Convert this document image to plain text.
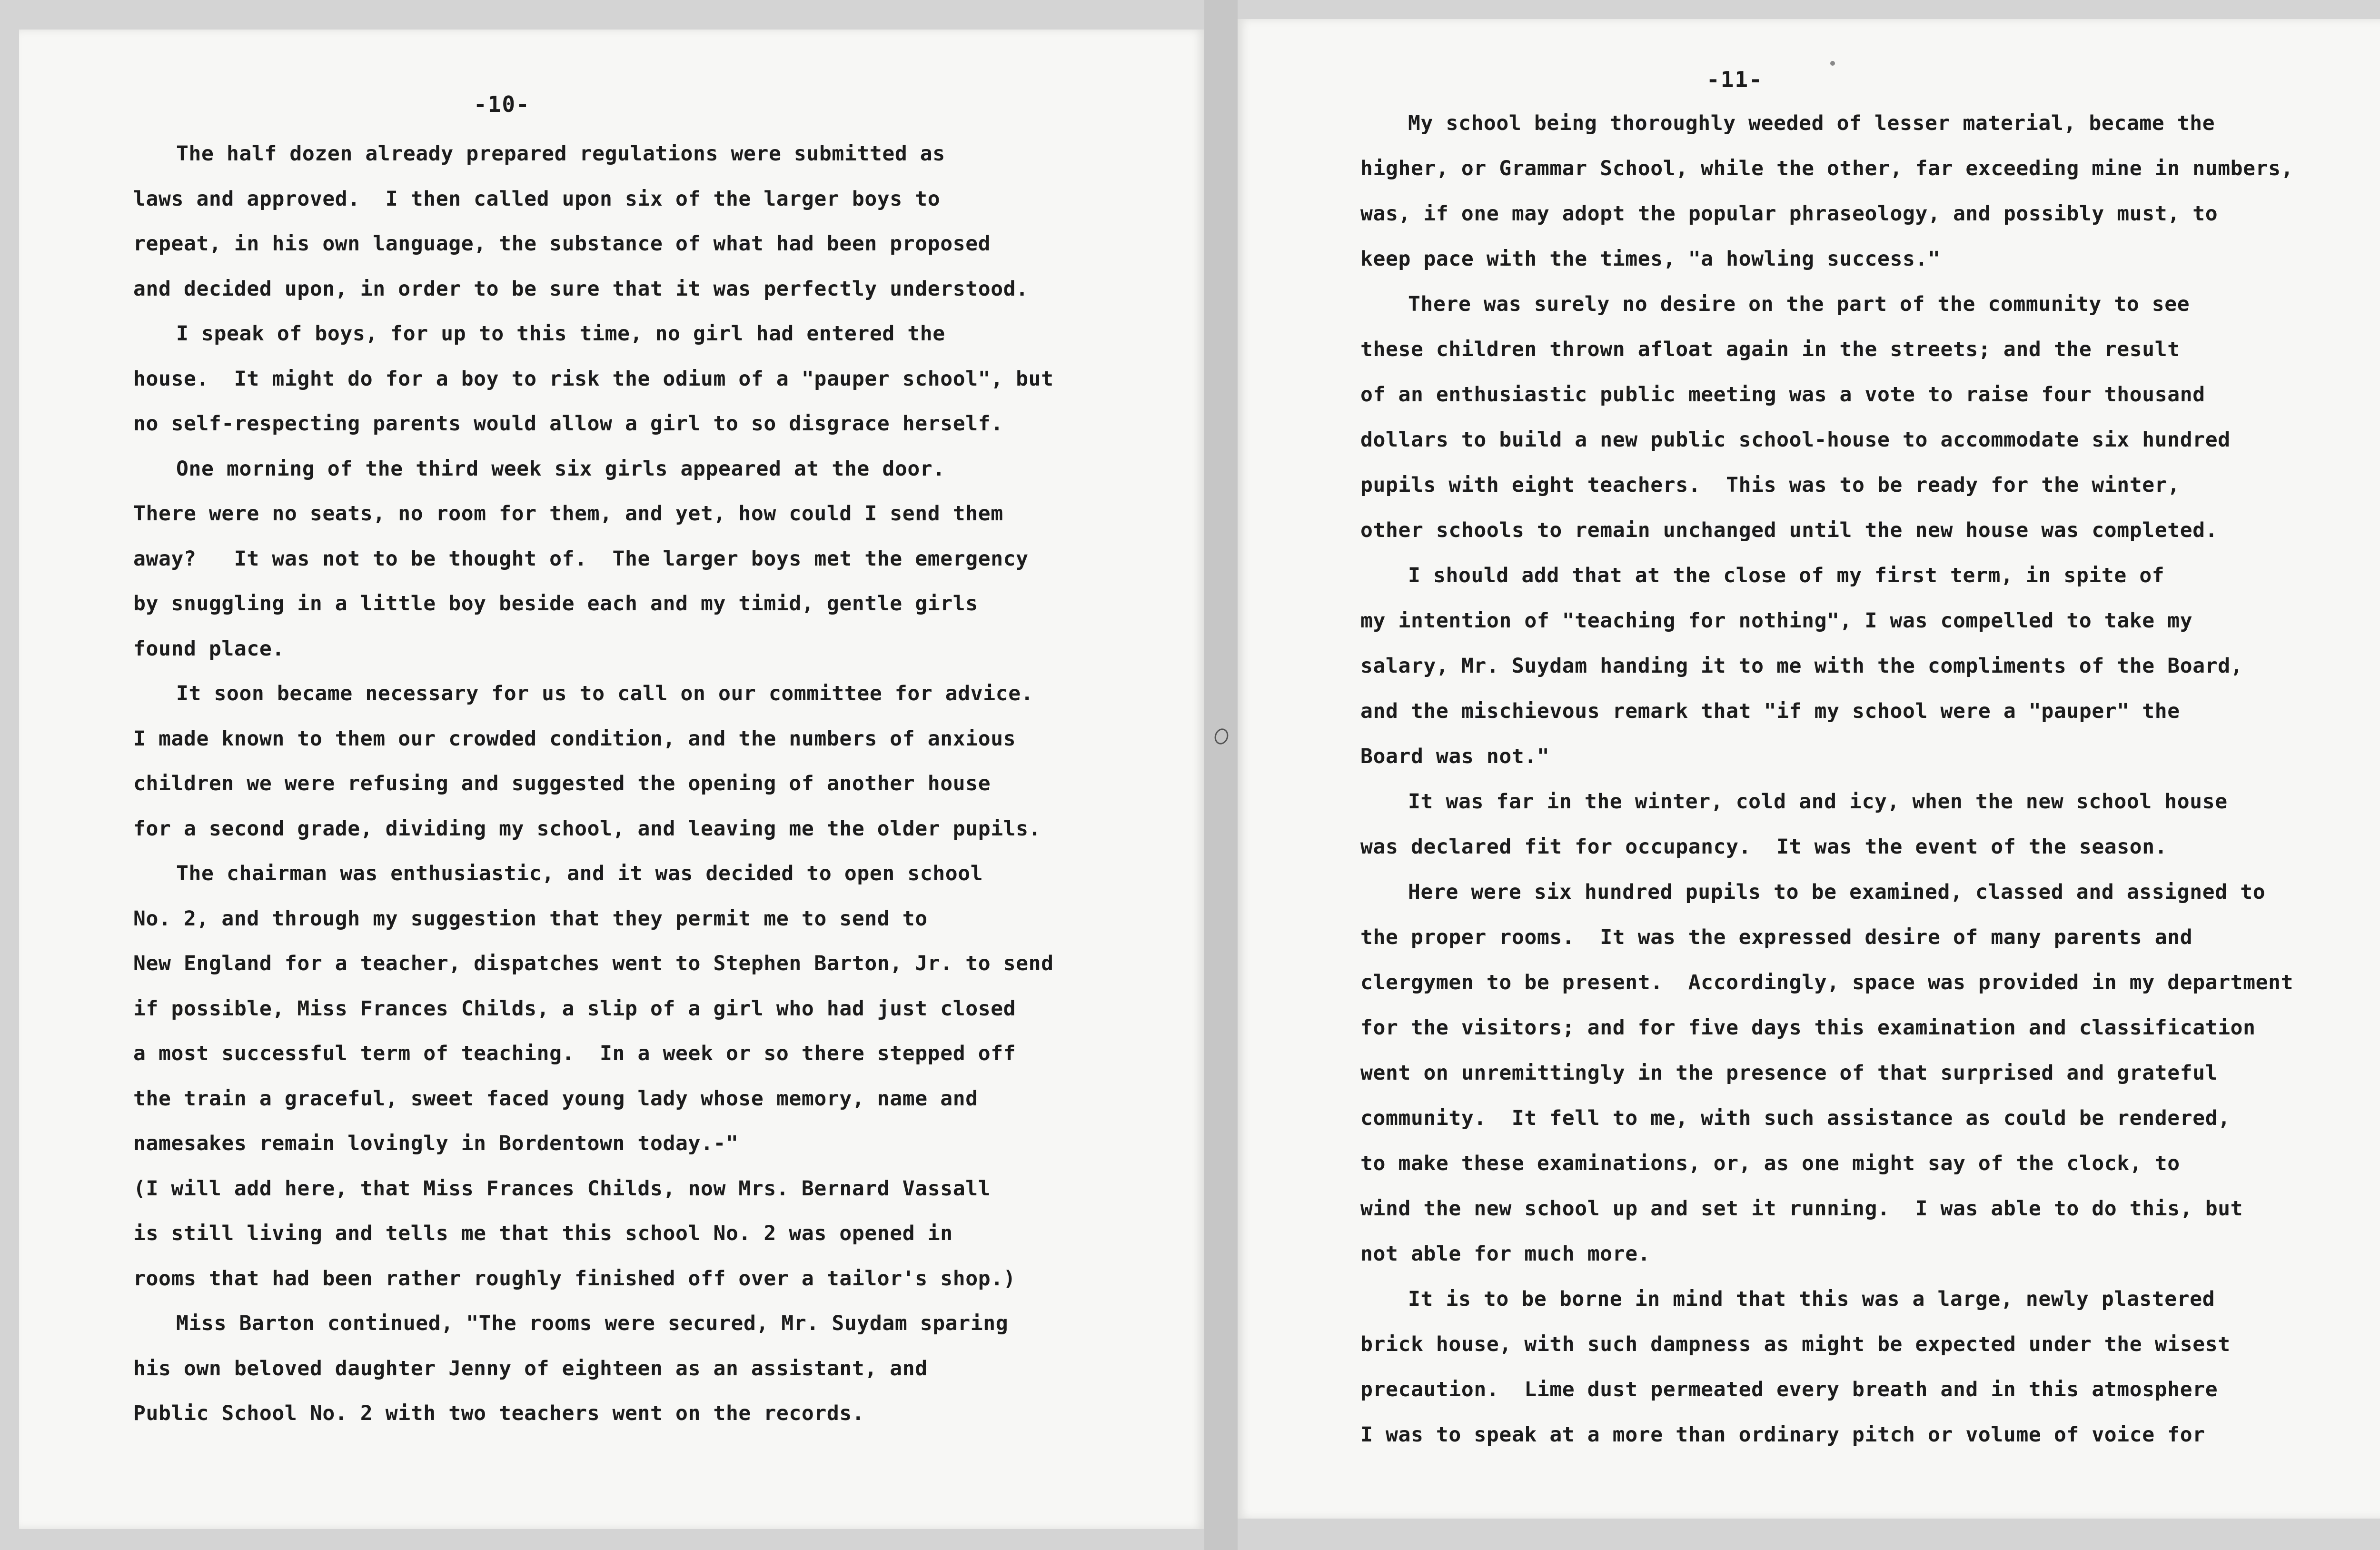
-10-
The half dozen already prepared regulations were submitted as
laws and approved.  I then called upon six of the larger boys to
repeat, in his own language, the substance of what had been proposed
and decided upon, in order to be sure that it was perfectly understood.
I speak of boys, for up to this time, no girl had entered the
house.  It might do for a boy to risk the odium of a "pauper school", but
no self-respecting parents would allow a girl to so disgrace herself.
One morning of the third week six girls appeared at the door.
There were no seats, no room for them, and yet, how could I send them
away?   It was not to be thought of.  The larger boys met the emergency
by snuggling in a little boy beside each and my timid, gentle girls
found place.
It soon became necessary for us to call on our committee for advice.
I made known to them our crowded condition, and the numbers of anxious
children we were refusing and suggested the opening of another house
for a second grade, dividing my school, and leaving me the older pupils.
The chairman was enthusiastic, and it was decided to open school
No. 2, and through my suggestion that they permit me to send to
New England for a teacher, dispatches went to Stephen Barton, Jr. to send
if possible, Miss Frances Childs, a slip of a girl who had just closed
a most successful term of teaching.  In a week or so there stepped off
the train a graceful, sweet faced young lady whose memory, name and
namesakes remain lovingly in Bordentown today.-"
(I will add here, that Miss Frances Childs, now Mrs. Bernard Vassall
is still living and tells me that this school No. 2 was opened in
rooms that had been rather roughly finished off over a tailor's shop.)
Miss Barton continued, "The rooms were secured, Mr. Suydam sparing
his own beloved daughter Jenny of eighteen as an assistant, and
Public School No. 2 with two teachers went on the records.
-11-
My school being thoroughly weeded of lesser material, became the
higher, or Grammar School, while the other, far exceeding mine in numbers,
was, if one may adopt the popular phraseology, and possibly must, to
keep pace with the times, "a howling success."
There was surely no desire on the part of the community to see
these children thrown afloat again in the streets; and the result
of an enthusiastic public meeting was a vote to raise four thousand
dollars to build a new public school-house to accommodate six hundred
pupils with eight teachers.  This was to be ready for the winter,
other schools to remain unchanged until the new house was completed.
I should add that at the close of my first term, in spite of
my intention of "teaching for nothing", I was compelled to take my
salary, Mr. Suydam handing it to me with the compliments of the Board,
and the mischievous remark that "if my school were a "pauper" the
Board was not."
It was far in the winter, cold and icy, when the new school house
was declared fit for occupancy.  It was the event of the season.
Here were six hundred pupils to be examined, classed and assigned to
the proper rooms.  It was the expressed desire of many parents and
clergymen to be present.  Accordingly, space was provided in my department
for the visitors; and for five days this examination and classification
went on unremittingly in the presence of that surprised and grateful
community.  It fell to me, with such assistance as could be rendered,
to make these examinations, or, as one might say of the clock, to
wind the new school up and set it running.  I was able to do this, but
not able for much more.
It is to be borne in mind that this was a large, newly plastered
brick house, with such dampness as might be expected under the wisest
precaution.  Lime dust permeated every breath and in this atmosphere
I was to speak at a more than ordinary pitch or volume of voice for
